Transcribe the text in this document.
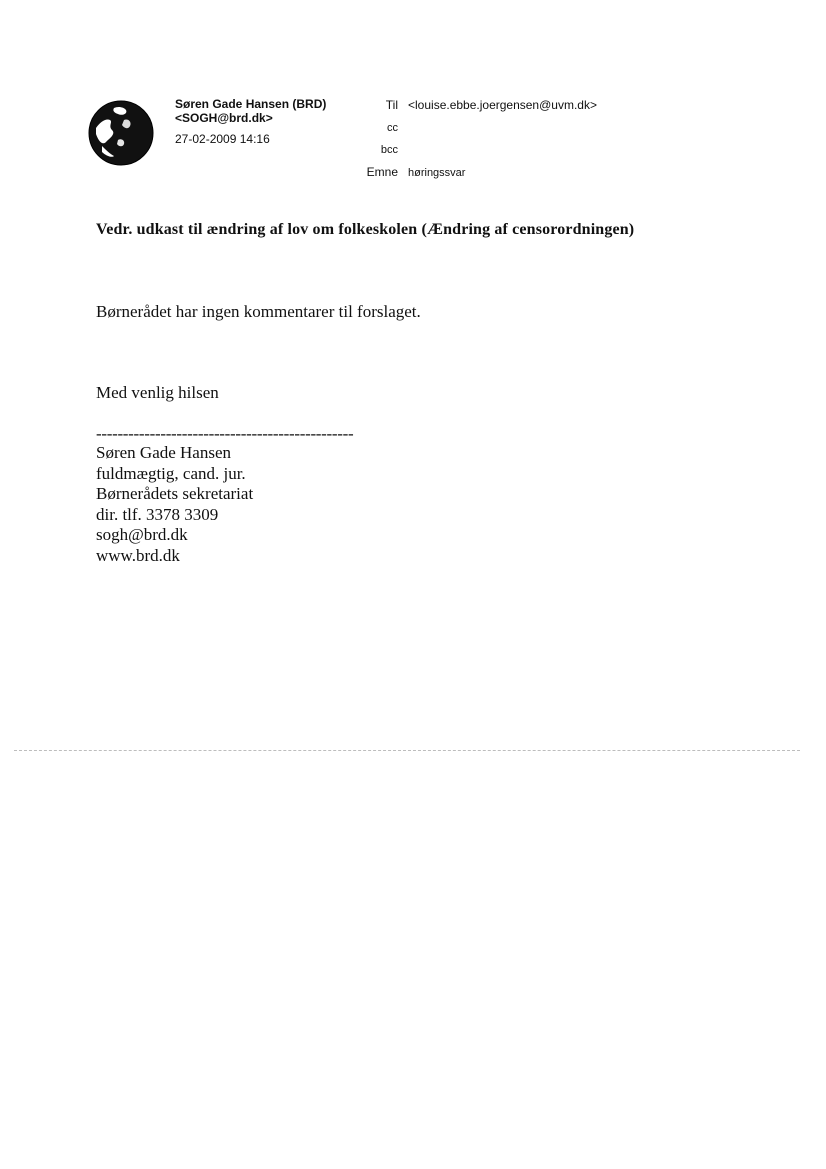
Søren Gade Hansen (BRD)
<SOGH@brd.dk>
27-02-2009 14:16
Til <louise.ebbe.joergensen@uvm.dk>
cc
bcc
Emne høringssvar
Vedr. udkast til ændring af lov om folkeskolen (Ændring af censorordningen)
Børnerådet har ingen kommentarer til forslaget.
Med venlig hilsen
------------------------------------------------
Søren Gade Hansen
fuldmægtig, cand. jur.
Børnerådets sekretariat
dir. tlf. 3378 3309
sogh@brd.dk
www.brd.dk
